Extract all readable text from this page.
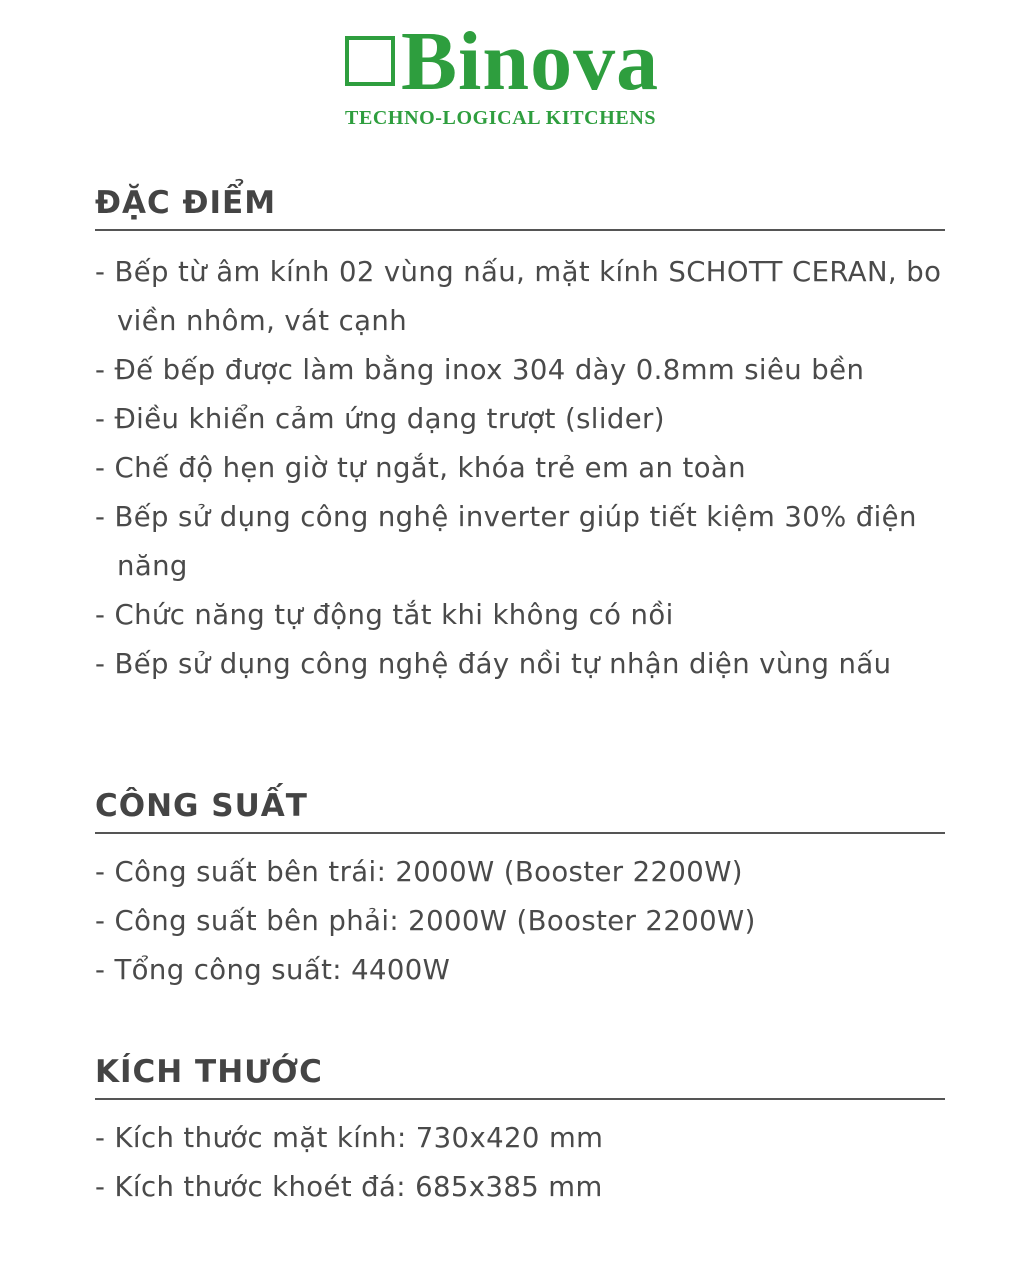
Binova
TECHNO-LOGICAL KITCHENS
ĐẶC ĐIỂM
- Bếp từ âm kính 02 vùng nấu, mặt kính SCHOTT CERAN, bo viền nhôm, vát cạnh
- Đế bếp được làm bằng inox 304 dày 0.8mm siêu bền
- Điều khiển cảm ứng dạng trượt (slider)
- Chế độ hẹn giờ tự ngắt, khóa trẻ em an toàn
- Bếp sử dụng công nghệ inverter giúp tiết kiệm 30% điện năng
- Chức năng tự động tắt khi không có nồi
- Bếp sử dụng công nghệ đáy nồi tự nhận diện vùng nấu
CÔNG SUẤT
- Công suất bên trái: 2000W (Booster 2200W)
- Công suất bên phải: 2000W (Booster 2200W)
- Tổng công suất: 4400W
KÍCH THƯỚC
- Kích thước mặt kính: 730x420 mm
- Kích thước khoét đá: 685x385 mm
